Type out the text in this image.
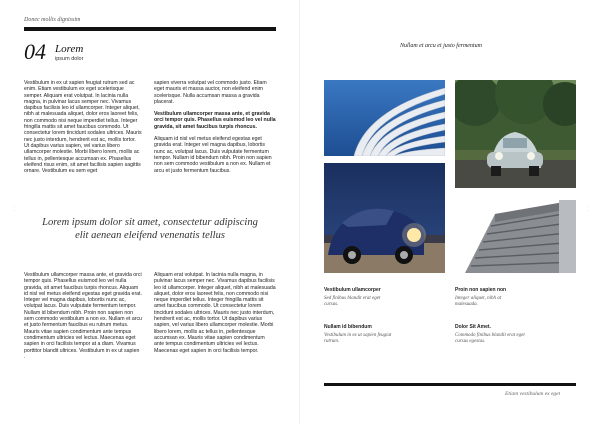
Donec mollis dignissim
04 Lorem
ipsum dolor

Vestibulum in ex ut sapien feugiat rutrum sed ac enim. Etiam vestibulum ex eget scelerisque semper. Aliquam erat volutpat. In lacinia nulla magna, in pulvinar lacus semper nec. Vivamus dapibus facilisis leo id ullamcorper. Integer aliquet, nibh at malesuada aliquet, dolor eros laoreet felis, non commodo nisi neque imperdiet tellus. Integer fringilla mattis sit amet faucibus commodo. Ut consectetur lorem tincidunt sodales ultrices. Mauris nec justo interdum, hendrerit est ac, mollis tortor. Ut dapibus varius sapien, vel varius libero ullamcorper molestie. Morbi libero lorem, mollis ac tellus in, pellentesque accumsan ex. Phasellus eleifend risus enim, sit amet facilisis sapien sagittis ornare. Vestibulum eu sem eget

sapien viverra volutpat vel commodo justo. Etiam eget mauris et massa auctor, non eleifend enim scelerisque. Nulla accumsan massa a gravida placerat.

Vestibulum ullamcorper massa ante, et gravida orci tempor quis. Phasellus euismod leo vel nulla gravida, sit amet faucibus turpis rhoncus.

Aliquam id nisl vel metus eleifend egestas eget gravida erat. Integer vel magna dapibus, lobortis nunc ac, volutpat lacus. Duis vulputate fermentum tempor. Nullam id bibendum nibh. Proin non sapien non sem commodo vestibulum a non ex. Nullam et arcu et justo fermentum faucibus.

Lorem ipsum dolor sit amet, consectetur adipiscing elit aenean eleifend venenatis tellus

Vestibulum ullamcorper massa ante, et gravida orci tempor quis. Phasellus euismod leo vel nulla gravida, sit amet faucibus turpis rhoncus. Aliquam id nisl vel metus eleifend egestas eget gravida erat. Integer vel magna dapibus, lobortis nunc ac, volutpat lacus. Duis vulputate fermentum tempor. Nullam id bibendum nibh. Proin non sapien non sem commodo vestibulum a non ex. Nullam et arcu et justo fermentum faucibus eu rutrum metus. Mauris vitae sapien condimentum ante tempus condimentum ultricies vel lectus. Maecenas eget sapien in orci facilisis tempor at a diam. Vivamus porttitor blandit ultrices. Vestibulum in ex ut sapien .

Aliquam erat volutpat. In lacinia nulla magna, in pulvinar lacus semper nec. Vivamus dapibus facilisis leo id ullamcorper. Integer aliquet, nibh at malesuada aliquet, dolor eros laoreet felis, non commodo nisi neque imperdiet tellus. Integer fringilla mattis sit amet faucibus commodo. Ut consectetur lorem tincidunt sodales ultrices. Mauris nec justo interdum, hendrerit est ac, mollis tortor. Ut dapibus varius sapien, vel varius libero ullamcorper molestie. Morbi libero lorem, mollis ac tellus in, pellentesque accumsan ex. Mauris vitae sapien condimentum ante tempus condimentum ultricies vel lectus. Maecenas eget sapien in orci facilisis tempor.

·
·
·
·
Nullam et arcu et justo fermentum
Vestibulum ullamcorper
Sed finibus blandit erat eget cursus.
Proin non sapien non
Integer aliquet, nibh at malesuada.
Nullam id bibendum
Vestibulum in ex ut sapien feugiat rutrum.
Dolor Sit Amet.
Commodo finibus blandit erat eget cursus egestas.
Etiam vestibulum ex eget
